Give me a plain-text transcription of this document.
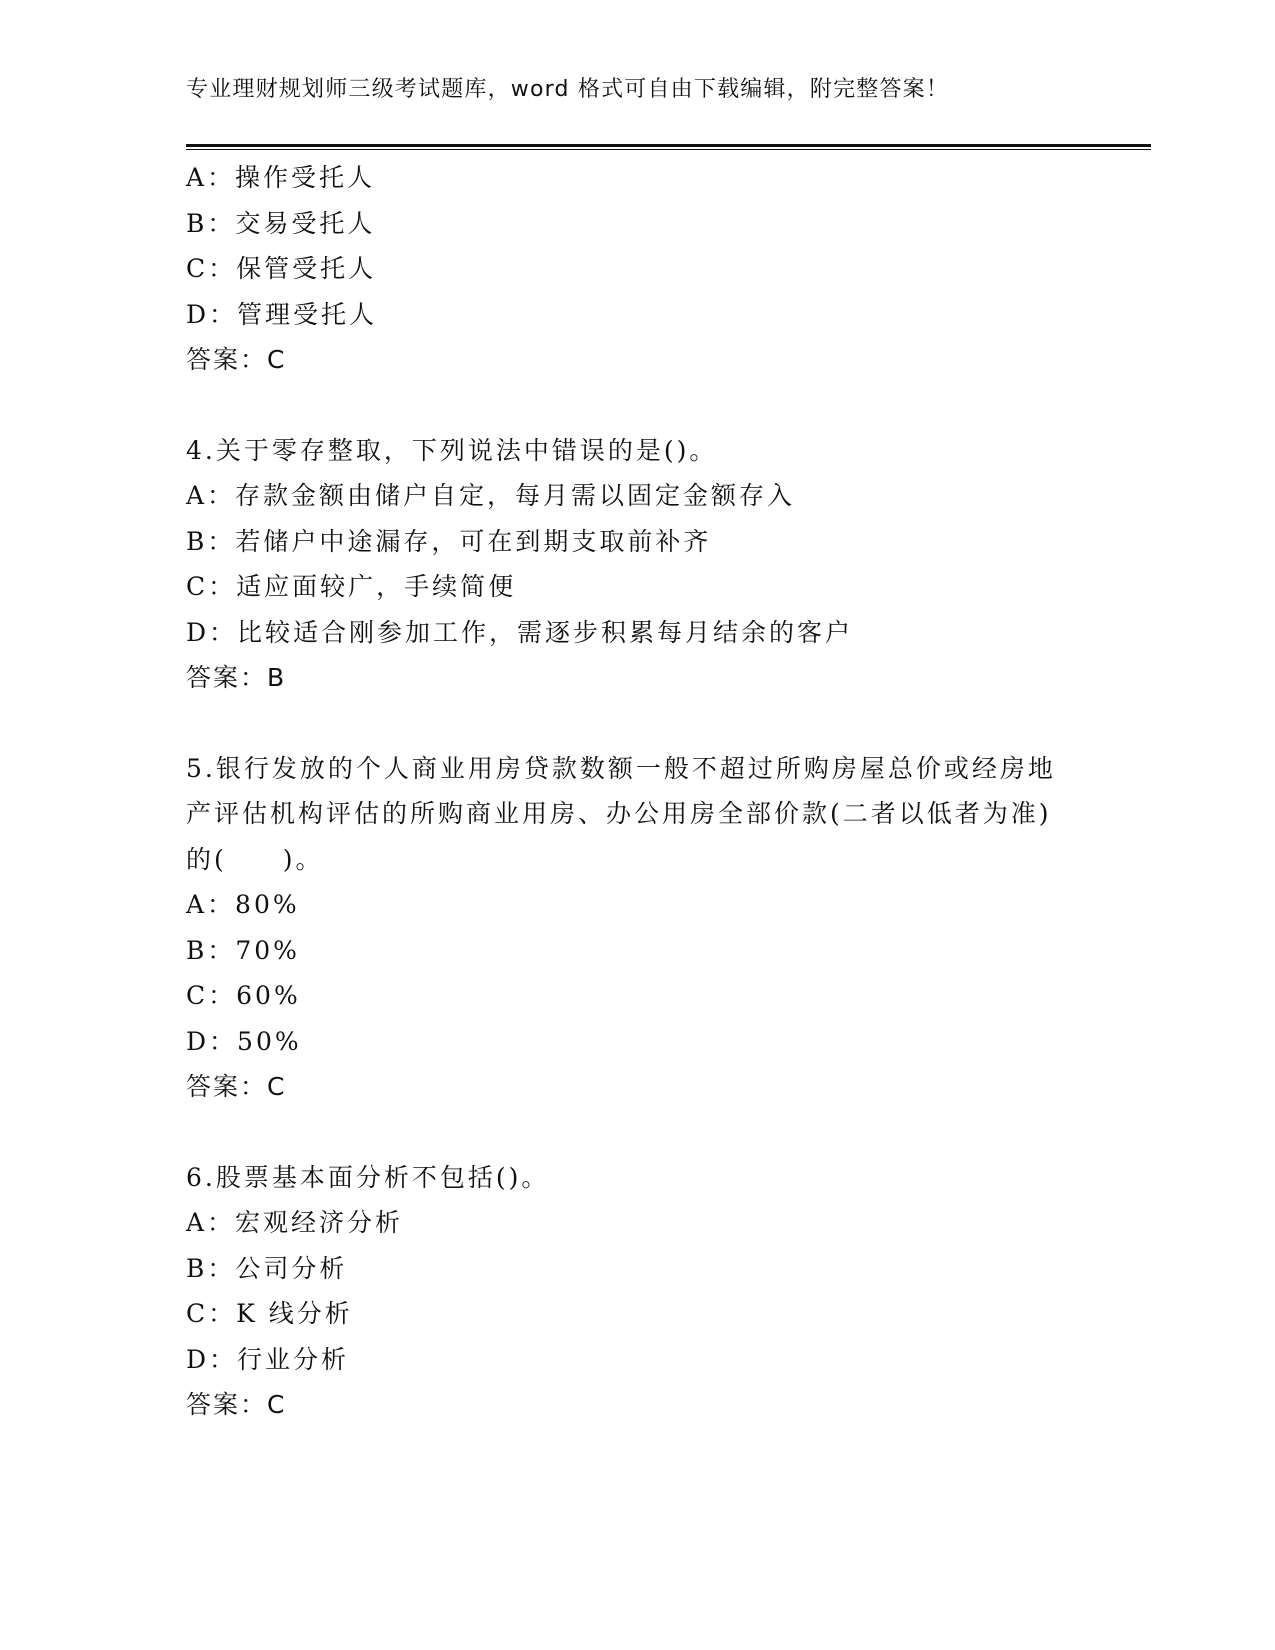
专业理财规划师三级考试题库，word 格式可自由下载编辑，附完整答案！
A：操作受托人
B：交易受托人
C：保管受托人
D：管理受托人
答案：C
4.关于零存整取，下列说法中错误的是()。
A：存款金额由储户自定，每月需以固定金额存入
B：若储户中途漏存，可在到期支取前补齐
C：适应面较广，手续简便
D：比较适合刚参加工作，需逐步积累每月结余的客户
答案：B
5.银行发放的个人商业用房贷款数额一般不超过所购房屋总价或经房地产评估机构评估的所购商业用房、办公用房全部价款(二者以低者为准)的(　　)。
A：80%
B：70%
C：60%
D：50%
答案：C
6.股票基本面分析不包括()。
A：宏观经济分析
B：公司分析
C：K 线分析
D：行业分析
答案：C
